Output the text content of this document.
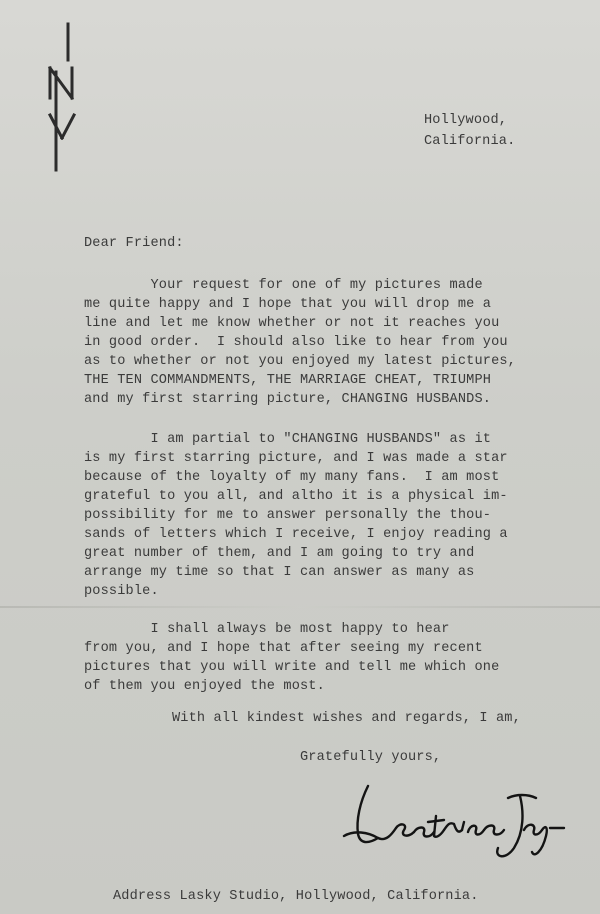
Hollywood,
California.
Dear Friend:
Your request for one of my pictures made
me quite happy and I hope that you will drop me a
line and let me know whether or not it reaches you
in good order.  I should also like to hear from you
as to whether or not you enjoyed my latest pictures,
THE TEN COMMANDMENTS, THE MARRIAGE CHEAT, TRIUMPH
and my first starring picture, CHANGING HUSBANDS.
I am partial to "CHANGING HUSBANDS" as it
is my first starring picture, and I was made a star
because of the loyalty of my many fans.  I am most
grateful to you all, and altho it is a physical im-
possibility for me to answer personally the thou-
sands of letters which I receive, I enjoy reading a
great number of them, and I am going to try and
arrange my time so that I can answer as many as
possible.
I shall always be most happy to hear
from you, and I hope that after seeing my recent
pictures that you will write and tell me which one
of them you enjoyed the most.
With all kindest wishes and regards, I am,
Gratefully yours,
Address Lasky Studio, Hollywood, California.
